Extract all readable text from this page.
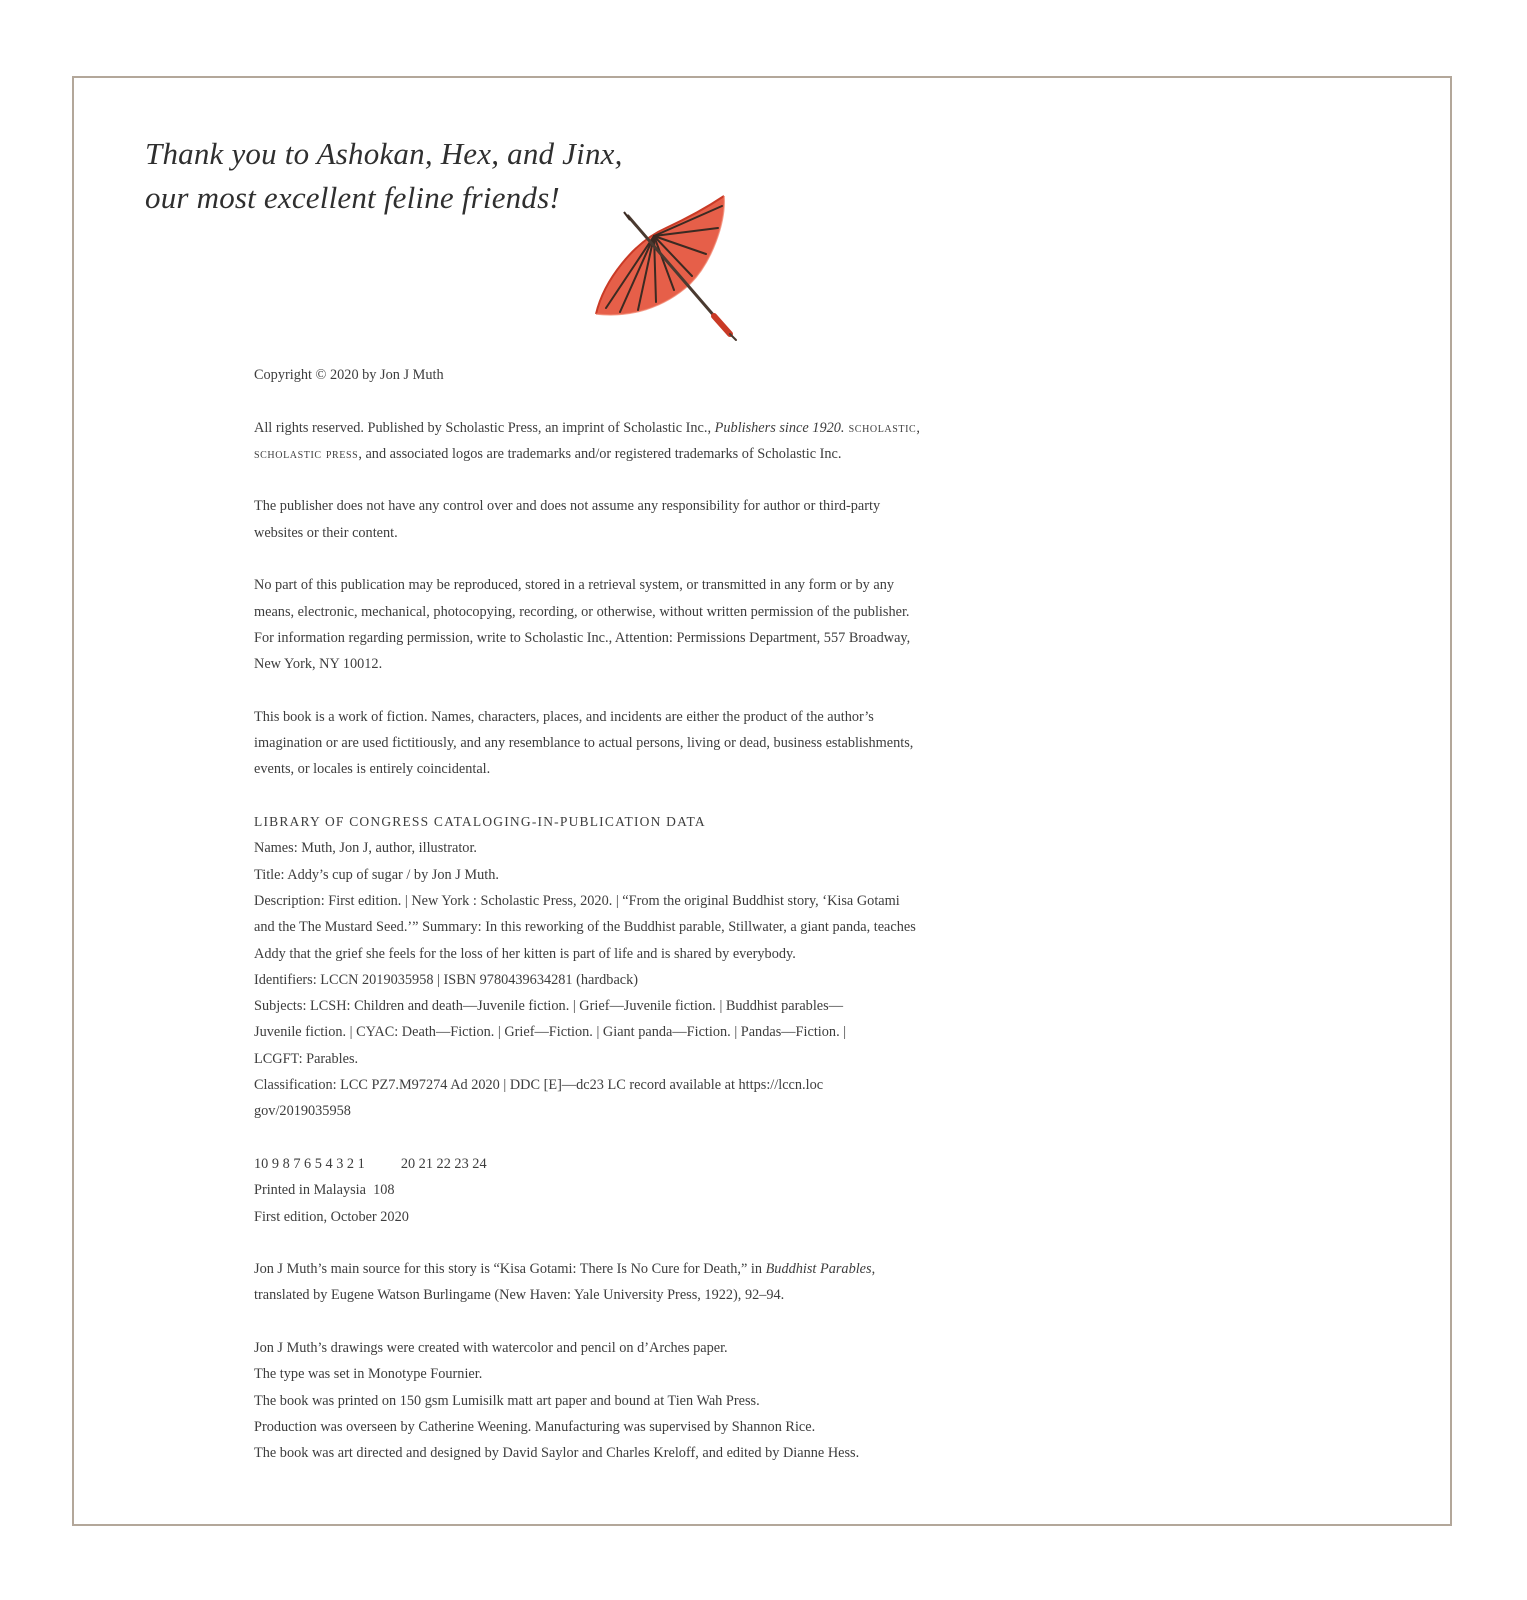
Thank you to Ashokan, Hex, and Jinx,
our most excellent feline friends!

Copyright © 2020 by Jon J Muth

All rights reserved. Published by Scholastic Press, an imprint of Scholastic Inc., Publishers since 1920. scholastic,
scholastic press, and associated logos are trademarks and/or registered trademarks of Scholastic Inc.

The publisher does not have any control over and does not assume any responsibility for author or third-party
websites or their content.

No part of this publication may be reproduced, stored in a retrieval system, or transmitted in any form or by any
means, electronic, mechanical, photocopying, recording, or otherwise, without written permission of the publisher.
For information regarding permission, write to Scholastic Inc., Attention: Permissions Department, 557 Broadway,
New York, NY 10012.

This book is a work of fiction. Names, characters, places, and incidents are either the product of the author’s
imagination or are used fictitiously, and any resemblance to actual persons, living or dead, business establishments,
events, or locales is entirely coincidental.

LIBRARY OF CONGRESS CATALOGING-IN-PUBLICATION DATA
Names: Muth, Jon J, author, illustrator.
Title: Addy’s cup of sugar / by Jon J Muth.
Description: First edition. | New York : Scholastic Press, 2020. | “From the original Buddhist story, ‘Kisa Gotami
and the The Mustard Seed.’” Summary: In this reworking of the Buddhist parable, Stillwater, a giant panda, teaches
Addy that the grief she feels for the loss of her kitten is part of life and is shared by everybody.
Identifiers: LCCN 2019035958 | ISBN 9780439634281 (hardback)
Subjects: LCSH: Children and death—Juvenile fiction. | Grief—Juvenile fiction. | Buddhist parables—
Juvenile fiction. | CYAC: Death—Fiction. | Grief—Fiction. | Giant panda—Fiction. | Pandas—Fiction. |
LCGFT: Parables.
Classification: LCC PZ7.M97274 Ad 2020 | DDC [E]—dc23 LC record available at https://lccn.loc
gov/2019035958

10 9 8 7 6 5 4 3 2 1	20 21 22 23 24
Printed in Malaysia  108
First edition, October 2020

Jon J Muth’s main source for this story is “Kisa Gotami: There Is No Cure for Death,” in Buddhist Parables,
translated by Eugene Watson Burlingame (New Haven: Yale University Press, 1922), 92–94.

Jon J Muth’s drawings were created with watercolor and pencil on d’Arches paper.
The type was set in Monotype Fournier.
The book was printed on 150 gsm Lumisilk matt art paper and bound at Tien Wah Press.
Production was overseen by Catherine Weening. Manufacturing was supervised by Shannon Rice.
The book was art directed and designed by David Saylor and Charles Kreloff, and edited by Dianne Hess.
